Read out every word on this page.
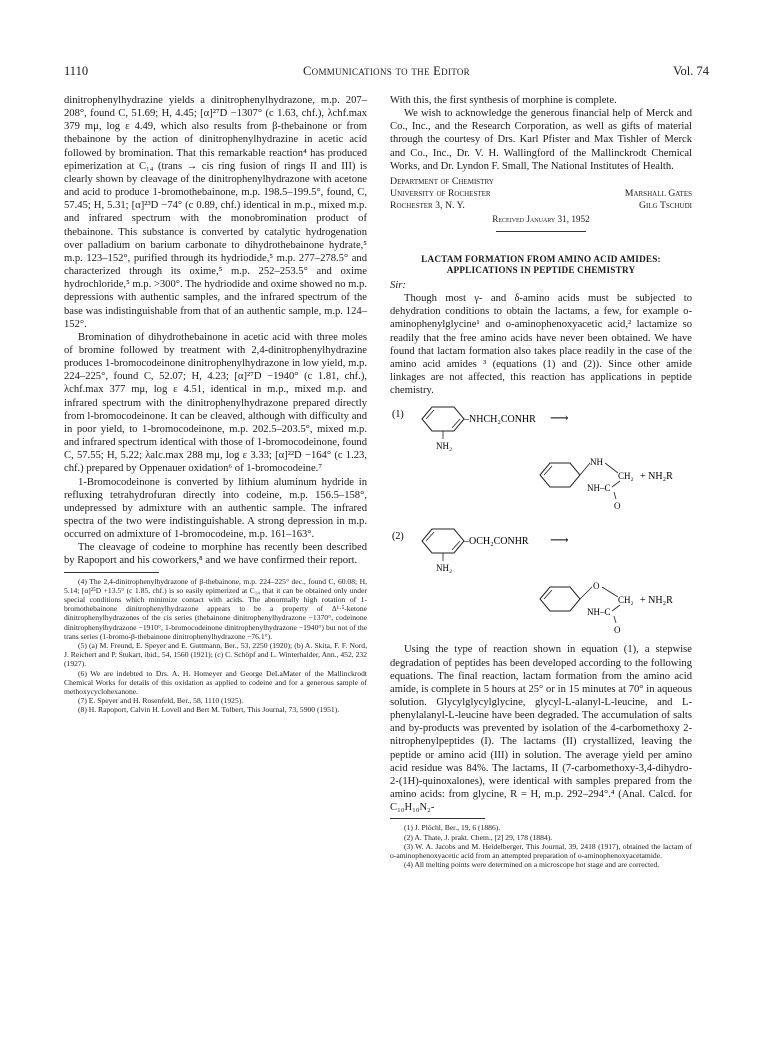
1110	Communications to the Editor	Vol. 74

dinitrophenylhydrazine yields a dinitrophenylhydrazone, m.p. 207–208°, found C, 51.69; H, 4.45; [α]²⁷D −1307° (c 1.63, chf.), λchf.max 379 mμ, log ε 4.49, which also results from β-thebainone or from thebainone by the action of dinitrophenylhydrazine in acetic acid followed by bromination. That this remarkable reaction⁴ has produced epimerization at C₁₄ (trans → cis ring fusion of rings II and III) is clearly shown by cleavage of the dinitrophenylhydrazone with acetone and acid to produce 1-bromothebainone, m.p. 198.5–199.5°, found, C, 57.45; H, 5.31; [α]²³D −74° (c 0.89, chf.) identical in m.p., mixed m.p. and infrared spectrum with the monobromination product of thebainone. This substance is converted by catalytic hydrogenation over palladium on barium carbonate to dihydrothebainone hydrate,⁵ m.p. 123–152°, purified through its hydriodide,⁵ m.p. 277–278.5° and characterized through its oxime,⁵ m.p. 252–253.5° and oxime hydrochloride,⁵ m.p. >300°. The hydriodide and oxime showed no m.p. depressions with authentic samples, and the infrared spectrum of the base was indistinguishable from that of an authentic sample, m.p. 124–152°.

Bromination of dihydrothebainone in acetic acid with three moles of bromine followed by treatment with 2,4-dinitrophenylhydrazine produces 1-bromocodeinone dinitrophenylhydrazone in low yield, m.p. 224–225°, found C, 52.07; H, 4.23; [α]²⁷D −1940° (c 1.81, chf.), λchf.max 377 mμ, log ε 4.51, identical in m.p., mixed m.p. and infrared spectrum with the dinitrophenylhydrazone prepared directly from l-bromocodeinone. It can be cleaved, although with difficulty and in poor yield, to 1-bromocodeinone, m.p. 202.5–203.5°, mixed m.p. and infrared spectrum identical with those of 1-bromocodeinone, found C, 57.55; H, 5.22; λalc.max 288 mμ, log ε 3.33; [α]²²D −164° (c 1.23, chf.) prepared by Oppenauer oxidation⁶ of 1-bromocodeine.⁷

1-Bromocodeinone is converted by lithium aluminum hydride in refluxing tetrahydrofuran directly into codeine, m.p. 156.5–158°, undepressed by admixture with an authentic sample. The infrared spectra of the two were indistinguishable. A strong depression in m.p. occurred on admixture of 1-bromocodeine, m.p. 161–163°.

The cleavage of codeine to morphine has recently been described by Rapoport and his coworkers,⁸ and we have confirmed their report.

(4) The 2,4-dinitrophenylhydrazone of β-thebainone, m.p. 224–225° dec., found C, 60.08; H, 5.14; [α]²⁵D +13.5° (c 1.85, chf.) is so easily epimerized at C₁₄ that it can be obtained only under special conditions which minimize contact with acids. The abnormally high rotation of 1-bromothebainone dinitrophenylhydrazone appears to be a property of Δ¹·⁵-ketone dinitrophenylhydrazones of the cis series (thebainone dinitrophenylhydrazone −1370°, codeinone dinitrophenylhydrazone −1910°, 1-bromocodeinone dinitrophenylhydrazone −1940°) but not of the trans series (1-bromo-β-thebainone dinitrophenylhydrazone −76.1°).

(5) (a) M. Freund, E. Speyer and E. Guttmann, Ber., 53, 2250 (1920); (b) A. Skita, F. F. Nord, J. Reichert and P. Stukart, ibid., 54, 1560 (1921); (c) C. Schöpf and L. Winterhalder, Ann., 452, 232 (1927).

(6) We are indebted to Drs. A. H. Homeyer and George DeLaMater of the Mallinckrodt Chemical Works for details of this oxidation as applied to codeine and for a generous sample of methoxycyclohexanone.

(7) E. Speyer and H. Rosenfeld, Ber., 58, 1110 (1925).

(8) H. Rapoport, Calvin H. Lovell and Bert M. Tolbert, This Journal, 73, 5900 (1951).

With this, the first synthesis of morphine is complete.

We wish to acknowledge the generous financial help of Merck and Co., Inc., and the Research Corporation, as well as gifts of material through the courtesy of Drs. Karl Pfister and Max Tishler of Merck and Co., Inc., Dr. V. H. Wallingford of the Mallinckrodt Chemical Works, and Dr. Lyndon F. Small, The National Institutes of Health.

Department of Chemistry
University of Rochester	Marshall Gates
Rochester 3, N. Y.	Gilg Tschudi
Received January 31, 1952
LACTAM FORMATION FROM AMINO ACID AMIDES: APPLICATIONS IN PEPTIDE CHEMISTRY

Sir:

Though most γ- and δ-amino acids must be subjected to dehydration conditions to obtain the lactams, a few, for example o-aminophenylglycine¹ and o-aminophenoxyacetic acid,² lactamize so readily that the free amino acids have never been obtained. We have found that lactam formation also takes place readily in the case of the amino acid amides ³ (equations (1) and (2)). Since other amide linkages are not affected, this reaction has applications in peptide chemistry.

(1)	–NHCH₂CONHR ⟶
NH₂
NH
CH₂
NH–C
O
+ NH₂R
(2)	–OCH₂CONHR ⟶
NH₂
O
CH₂
NH–C
O
+ NH₂R

Using the type of reaction shown in equation (1), a stepwise degradation of peptides has been developed according to the following equations. The final reaction, lactam formation from the amino acid amide, is complete in 5 hours at 25° or in 15 minutes at 70° in aqueous solution. Glycylglycylglycine, glycyl-L-alanyl-L-leucine, and L-phenylalanyl-L-leucine have been degraded. The accumulation of salts and by-products was prevented by isolation of the 4-carbomethoxy 2-nitrophenylpeptides (I). The lactams (II) crystallized, leaving the peptide or amino acid (III) in solution. The average yield per amino acid residue was 84%. The lactams, II (7-carbomethoxy-3,4-dihydro-2-(1H)-quinoxalones), were identical with samples prepared from the amino acids: from glycine, R = H, m.p. 292–294°.⁴ (Anal. Calcd. for C₁₀H₁₀N₂-

(1) J. Plöchl, Ber., 19, 6 (1886).

(2) A. Thate, J. prakt. Chem., [2] 29, 178 (1884).

(3) W. A. Jacobs and M. Heidelberger, This Journal, 39, 2418 (1917), obtained the lactam of o-aminophenoxyacetic acid from an attempted preparation of o-aminophenoxyacetamide.

(4) All melting points were determined on a microscope hot stage and are corrected.
